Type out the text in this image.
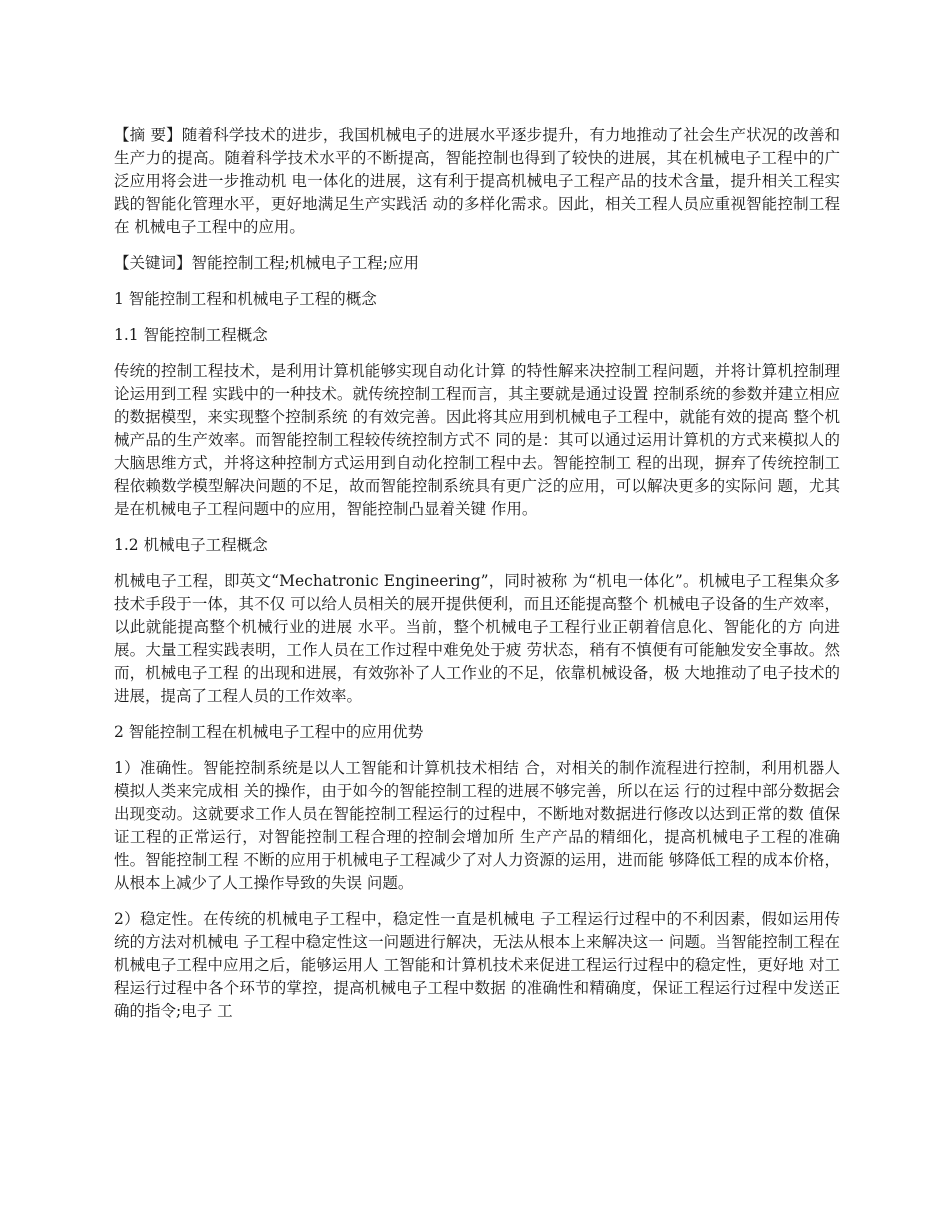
【摘 要】随着科学技术的进步，我国机械电子的进展水平逐步提升，有力地推动了社会生产状况的改善和生产力的提高。随着科学技术水平的不断提高，智能控制也得到了较快的进展，其在机械电子工程中的广泛应用将会进一步推动机 电一体化的进展，这有利于提高机械电子工程产品的技术含量，提升相关工程实践的智能化管理水平，更好地满足生产实践活 动的多样化需求。因此，相关工程人员应重视智能控制工程在 机械电子工程中的应用。

【关键词】智能控制工程;机械电子工程;应用

1 智能控制工程和机械电子工程的概念

1.1 智能控制工程概念

传统的控制工程技术，是利用计算机能够实现自动化计算 的特性解来决控制工程问题，并将计算机控制理论运用到工程 实践中的一种技术。就传统控制工程而言，其主要就是通过设置 控制系统的参数并建立相应的数据模型，来实现整个控制系统 的有效完善。因此将其应用到机械电子工程中，就能有效的提高 整个机械产品的生产效率。而智能控制工程较传统控制方式不 同的是：其可以通过运用计算机的方式来模拟人的大脑思维方式，并将这种控制方式运用到自动化控制工程中去。智能控制工 程的出现，摒弃了传统控制工程依赖数学模型解决问题的不足，故而智能控制系统具有更广泛的应用，可以解决更多的实际问 题，尤其是在机械电子工程问题中的应用，智能控制凸显着关键 作用。

1.2 机械电子工程概念

机械电子工程，即英文“Mechatronic Engineering”，同时被称 为“机电一体化”。机械电子工程集众多技术手段于一体，其不仅 可以给人员相关的展开提供便利，而且还能提高整个 机械电子设备的生产效率，以此就能提高整个机械行业的进展 水平。当前，整个机械电子工程行业正朝着信息化、智能化的方 向进展。大量工程实践表明，工作人员在工作过程中难免处于疲 劳状态，稍有不慎便有可能触发安全事故。然而，机械电子工程 的出现和进展，有效弥补了人工作业的不足，依靠机械设备，极 大地推动了电子技术的进展，提高了工程人员的工作效率。

2 智能控制工程在机械电子工程中的应用优势

1）准确性。智能控制系统是以人工智能和计算机技术相结 合，对相关的制作流程进行控制，利用机器人模拟人类来完成相 关的操作，由于如今的智能控制工程的进展不够完善，所以在运 行的过程中部分数据会出现变动。这就要求工作人员在智能控制工程运行的过程中，不断地对数据进行修改以达到正常的数 值保证工程的正常运行，对智能控制工程合理的控制会增加所 生产产品的精细化，提高机械电子工程的准确性。智能控制工程 不断的应用于机械电子工程减少了对人力资源的运用，进而能 够降低工程的成本价格，从根本上减少了人工操作导致的失误 问题。

2）稳定性。在传统的机械电子工程中，稳定性一直是机械电 子工程运行过程中的不利因素，假如运用传统的方法对机械电 子工程中稳定性这一问题进行解决，无法从根本上来解决这一 问题。当智能控制工程在机械电子工程中应用之后，能够运用人 工智能和计算机技术来促进工程运行过程中的稳定性，更好地 对工程运行过程中各个环节的掌控，提高机械电子工程中数据 的准确性和精确度，保证工程运行过程中发送正确的指令;电子 工
